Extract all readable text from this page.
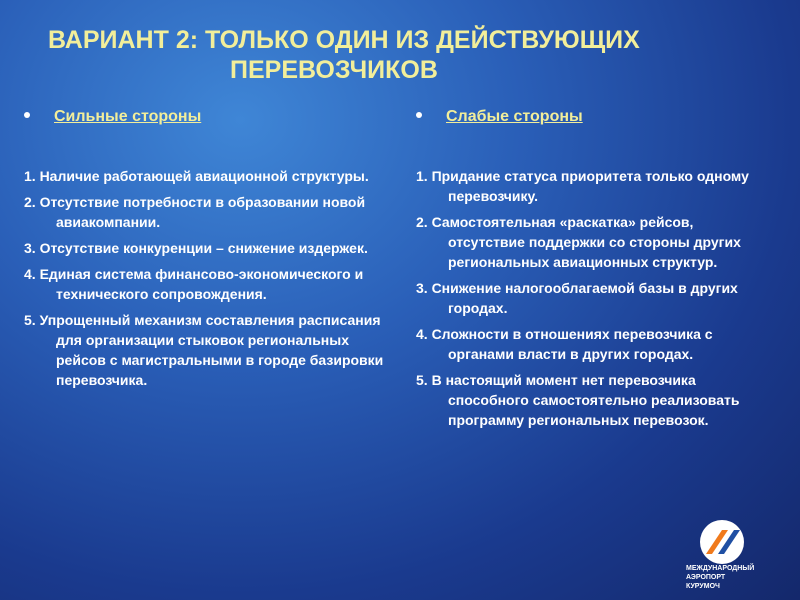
ВАРИАНТ 2: ТОЛЬКО ОДИН ИЗ ДЕЙСТВУЮЩИХ
ПЕРЕВОЗЧИКОВ
Сильные стороны
1. Наличие работающей авиационной структуры.
2. Отсутствие потребности в образовании новой авиакомпании.
3. Отсутствие конкуренции – снижение издержек.
4. Единая система финансово-экономического и технического сопровождения.
5. Упрощенный механизм составления расписания для организации стыковок региональных рейсов с магистральными в городе базировки перевозчика.
Слабые стороны
1. Придание статуса приоритета только одному перевозчику.
2. Самостоятельная «раскатка» рейсов, отсутствие поддержки со стороны других региональных авиационных структур.
3. Снижение налогооблагаемой базы в других городах.
4. Сложности в отношениях перевозчика с органами власти в других городах.
5. В настоящий момент нет перевозчика способного самостоятельно реализовать программу региональных перевозок.
МЕЖДУНАРОДНЫЙ
АЭРОПОРТ
КУРУМОЧ
